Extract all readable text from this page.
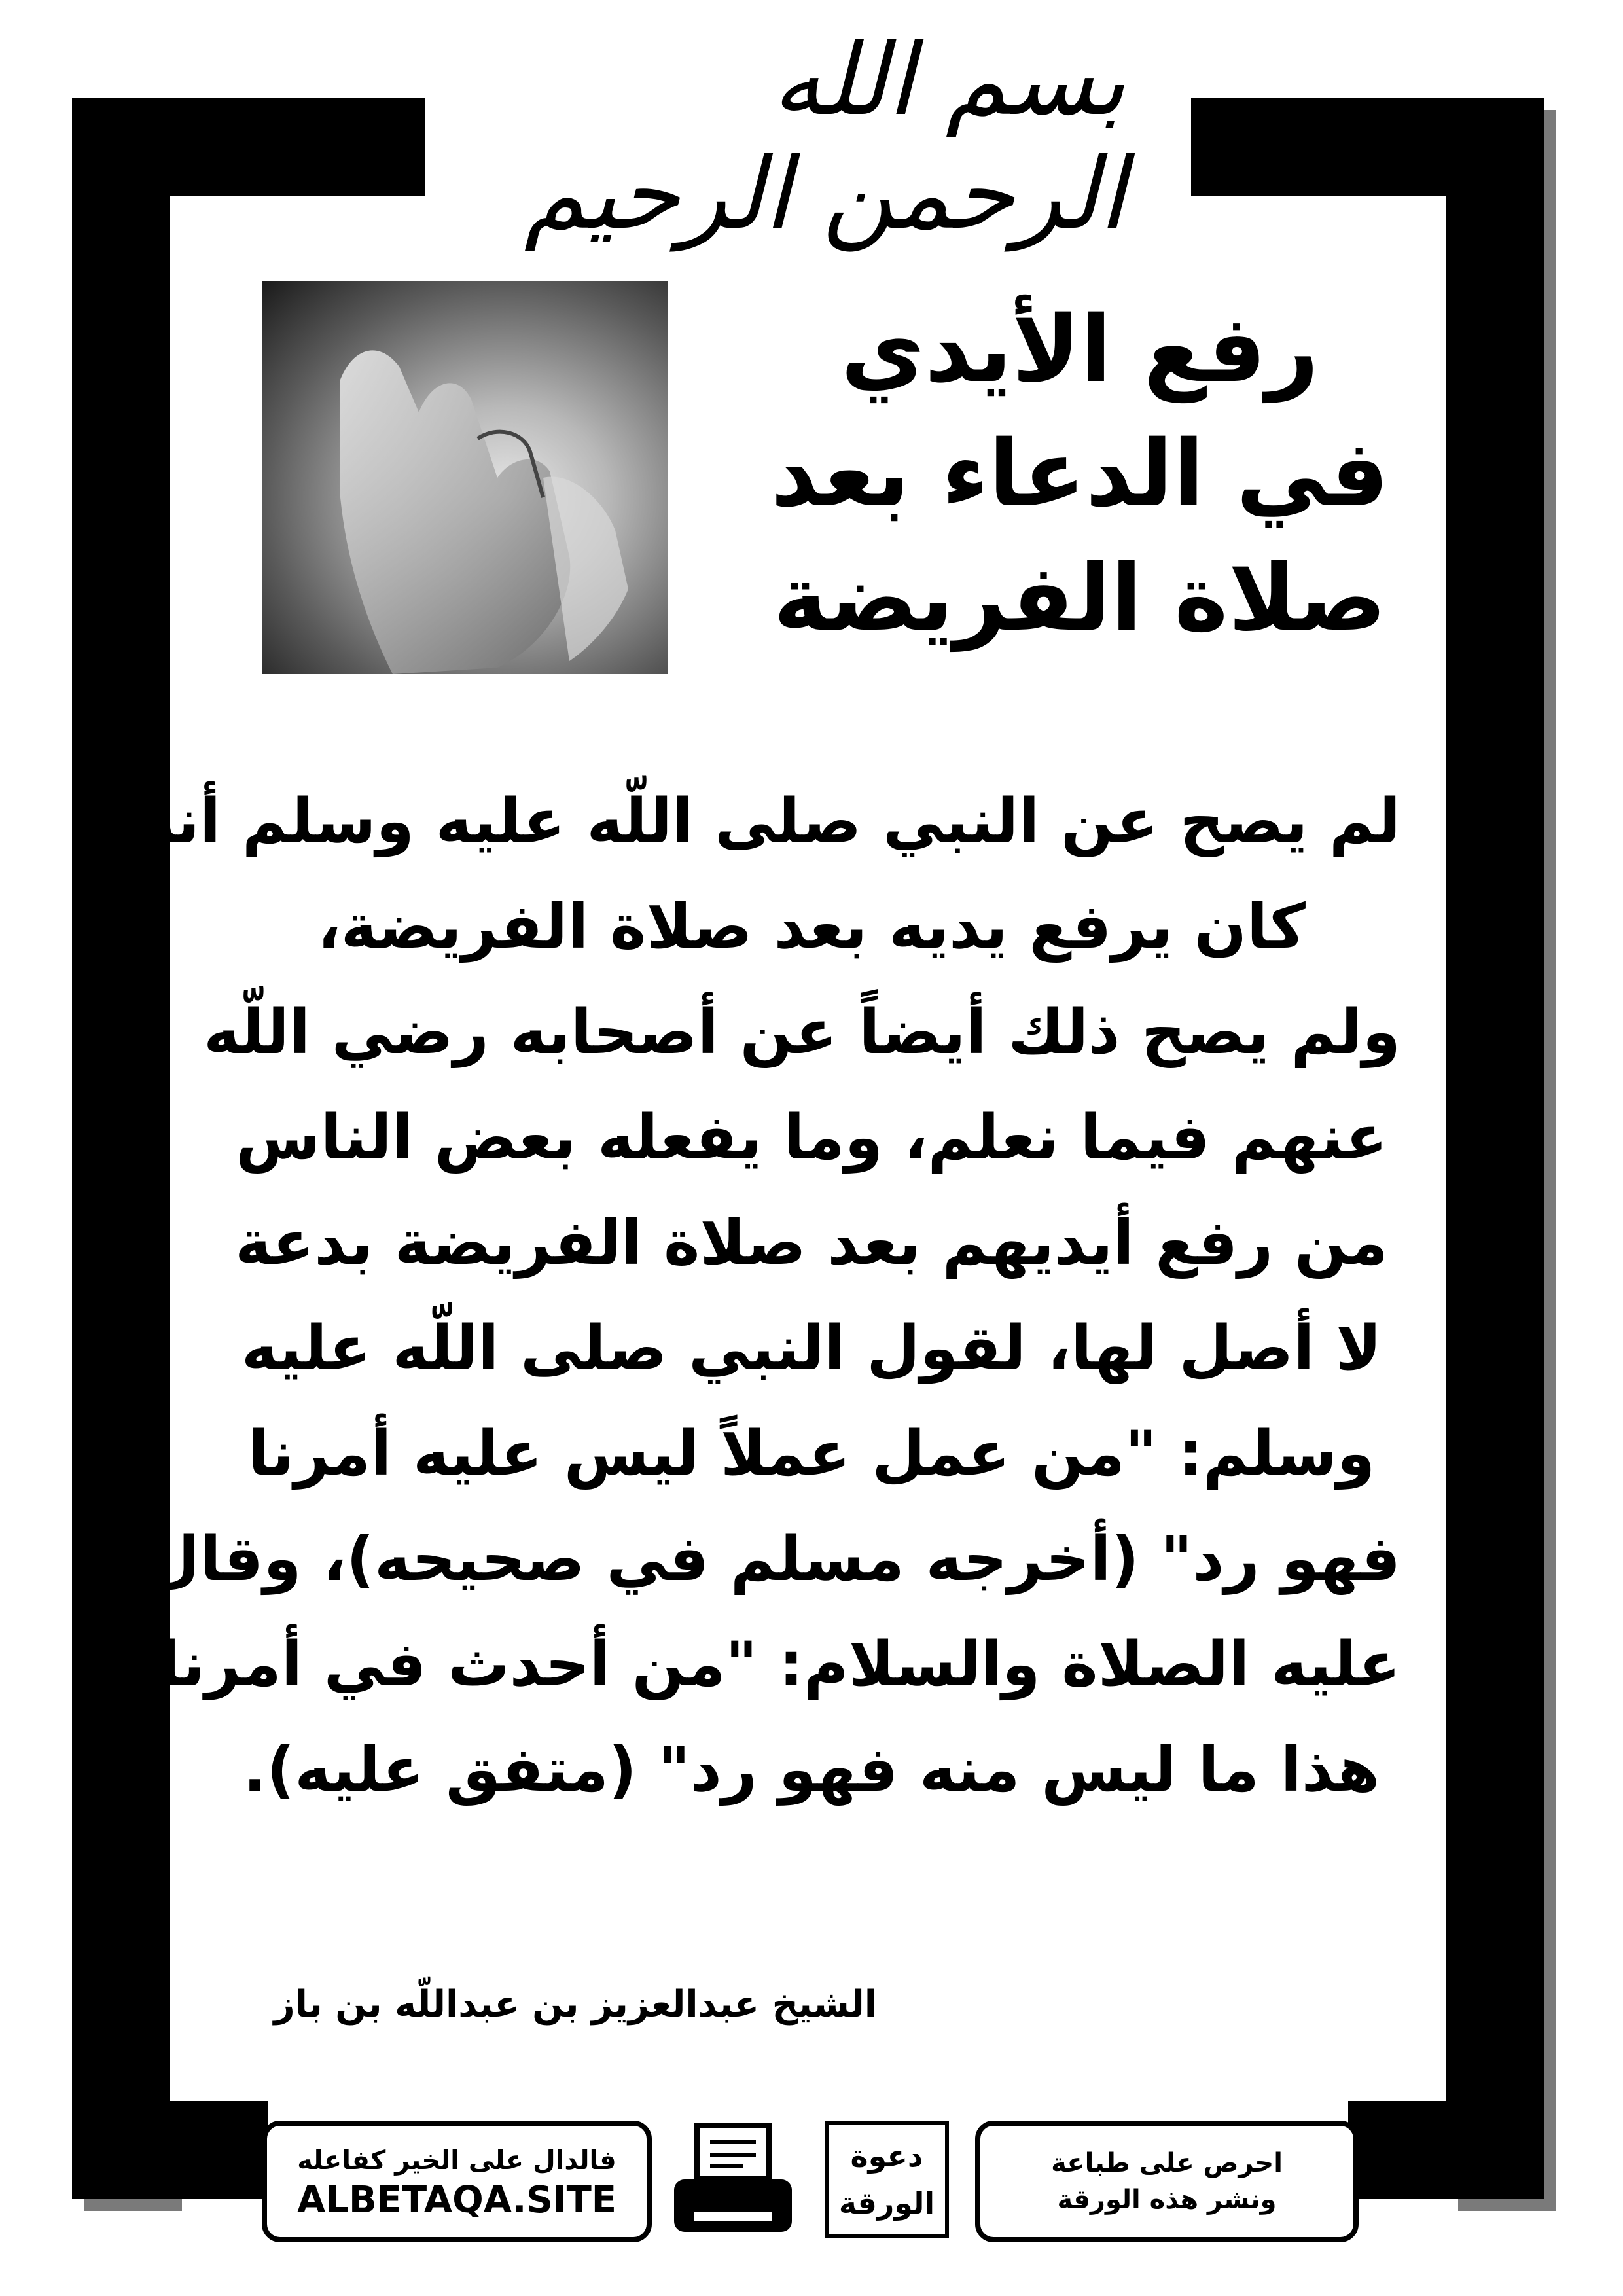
بسم الله الرحمن الرحيم
رفع الأيدي
في الدعاء بعد
صلاة الفريضة
لم يصح عن النبي صلى اللّه عليه وسلم أنه
كان يرفع يديه بعد صلاة الفريضة،
ولم يصح ذلك أيضاً عن أصحابه رضي اللّه
عنهم فيما نعلم، وما يفعله بعض الناس
من رفع أيديهم بعد صلاة الفريضة بدعة
لا أصل لها، لقول النبي صلى اللّه عليه
وسلم: "من عمل عملاً ليس عليه أمرنا
فهو رد" (أخرجه مسلم في صحيحه)، وقال
عليه الصلاة والسلام: "من أحدث في أمرنا
هذا ما ليس منه فهو رد" (متفق عليه).
الشيخ عبدالعزيز بن عبداللّه بن باز
فالدال على الخير كفاعله
ALBETAQA.SITE
دعوة
الورقة
احرص على طباعة
ونشر هذه الورقة
